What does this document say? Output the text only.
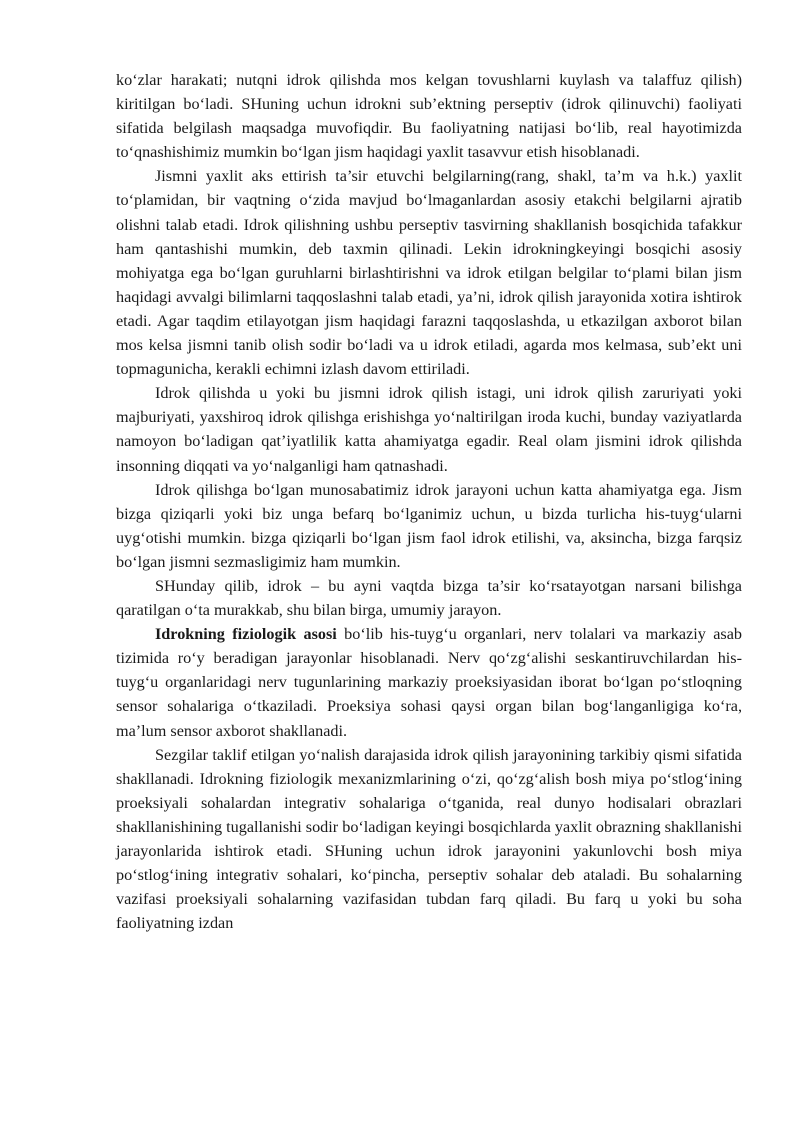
ko‘zlar harakati; nutqni idrok qilishda mos kelgan tovushlarni kuylash va talaffuz qilish) kiritilgan bo‘ladi. SHuning uchun idrokni sub’ektning perseptiv (idrok qilinuvchi) faoliyati sifatida belgilash maqsadga muvofiqdir. Bu faoliyatning natijasi bo‘lib, real hayotimizda to‘qnashishimiz mumkin bo‘lgan jism haqidagi yaxlit tasavvur etish hisoblanadi.

Jismni yaxlit aks ettirish ta’sir etuvchi belgilarning(rang, shakl, ta’m va h.k.) yaxlit to‘plamidan, bir vaqtning o‘zida mavjud bo‘lmaganlardan asosiy etakchi belgilarni ajratib olishni talab etadi. Idrok qilishning ushbu perseptiv tasvirning shakllanish bosqichida tafakkur ham qantashishi mumkin, deb taxmin qilinadi. Lekin idrokningkeyingi bosqichi asosiy mohiyatga ega bo‘lgan guruhlarni birlashtirishni va idrok etilgan belgilar to‘plami bilan jism haqidagi avvalgi bilimlarni taqqoslashni talab etadi, ya’ni, idrok qilish jarayonida xotira ishtirok etadi. Agar taqdim etilayotgan jism haqidagi farazni taqqoslashda, u etkazilgan axborot bilan mos kelsa jismni tanib olish sodir bo‘ladi va u idrok etiladi, agarda mos kelmasa, sub’ekt uni topmagunicha, kerakli echimni izlash davom ettiriladi.

Idrok qilishda u yoki bu jismni idrok qilish istagi, uni idrok qilish zaruriyati yoki majburiyati, yaxshiroq idrok qilishga erishishga yo‘naltirilgan iroda kuchi, bunday vaziyatlarda namoyon bo‘ladigan qat’iyatlilik katta ahamiyatga egadir. Real olam jismini idrok qilishda insonning diqqati va yo‘nalganligi ham qatnashadi.

Idrok qilishga bo‘lgan munosabatimiz idrok jarayoni uchun katta ahamiyatga ega. Jism bizga qiziqarli yoki biz unga befarq bo‘lganimiz uchun, u bizda turlicha his-tuyg‘ularni uyg‘otishi mumkin. bizga qiziqarli bo‘lgan jism faol idrok etilishi, va, aksincha, bizga farqsiz bo‘lgan jismni sezmasligimiz ham mumkin.

SHunday qilib, idrok – bu ayni vaqtda bizga ta’sir ko‘rsatayotgan narsani bilishga qaratilgan o‘ta murakkab, shu bilan birga, umumiy jarayon.

Idrokning fiziologik asosi bo‘lib his-tuyg‘u organlari, nerv tolalari va markaziy asab tizimida ro‘y beradigan jarayonlar hisoblanadi. Nerv qo‘zg‘alishi seskantiruvchilardan his-tuyg‘u organlaridagi nerv tugunlarining markaziy proeksiyasidan iborat bo‘lgan po‘stloqning sensor sohalariga o‘tkaziladi. Proeksiya sohasi qaysi organ bilan bog‘langanligiga ko‘ra, ma’lum sensor axborot shakllanadi.

Sezgilar taklif etilgan yo‘nalish darajasida idrok qilish jarayonining tarkibiy qismi sifatida shakllanadi. Idrokning fiziologik mexanizmlarining o‘zi, qo‘zg‘alish bosh miya po‘stlog‘ining proeksiyali sohalardan integrativ sohalariga o‘tganida, real dunyo hodisalari obrazlari shakllanishining tugallanishi sodir bo‘ladigan keyingi bosqichlarda yaxlit obrazning shakllanishi jarayonlarida ishtirok etadi. SHuning uchun idrok jarayonini yakunlovchi bosh miya po‘stlog‘ining integrativ sohalari, ko‘pincha, perseptiv sohalar deb ataladi. Bu sohalarning vazifasi proeksiyali sohalarning vazifasidan tubdan farq qiladi. Bu farq u yoki bu soha faoliyatning izdan
